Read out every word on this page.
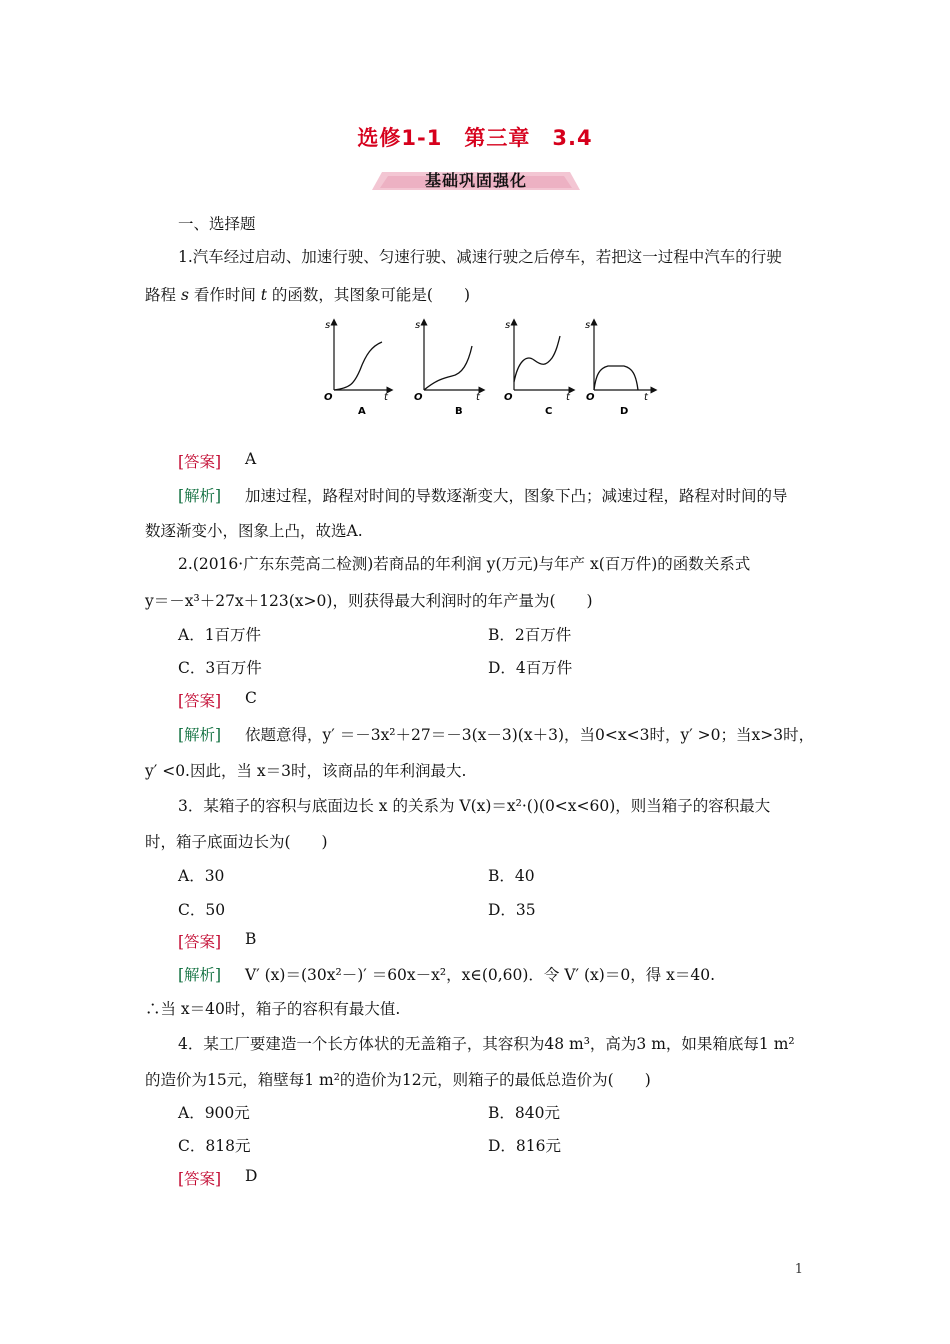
选修1-1　第三章　3.4
基础巩固强化
一、选择题
1.汽车经过启动、加速行驶、匀速行驶、减速行驶之后停车，若把这一过程中汽车的行驶
路程 s 看作时间 t 的函数，其图象可能是(　　)
s
O	t
A
s
O	t
B
s
O	t
C
s
O	t
D
[答案] A
[解析] 加速过程，路程对时间的导数逐渐变大，图象下凸；减速过程，路程对时间的导
数逐渐变小，图象上凸，故选A.
2.(2016·广东东莞高二检测)若商品的年利润 y(万元)与年产 x(百万件)的函数关系式
y＝－x³＋27x＋123(x>0)，则获得最大利润时的年产量为(　　)
A．1百万件	B．2百万件
C．3百万件	D．4百万件
[答案] C
[解析] 依题意得，y′ ＝－3x²＋27＝－3(x－3)(x＋3)，当0<x<3时，y′ >0；当x>3时，
y′ <0.因此，当 x＝3时，该商品的年利润最大.
3．某箱子的容积与底面边长 x 的关系为 V(x)＝x²·()(0<x<60)，则当箱子的容积最大
时，箱子底面边长为(　　)
A．30	B．40
C．50	D．35
[答案] B
[解析] V′ (x)＝(30x²－)′ ＝60x－x²，x∈(0,60)．令 V′ (x)＝0，得 x＝40.
∴当 x＝40时，箱子的容积有最大值.
4．某工厂要建造一个长方体状的无盖箱子，其容积为48 m³，高为3 m，如果箱底每1 m²
的造价为15元，箱壁每1 m²的造价为12元，则箱子的最低总造价为(　　)
A．900元	B．840元
C．818元	D．816元
[答案] D
1
